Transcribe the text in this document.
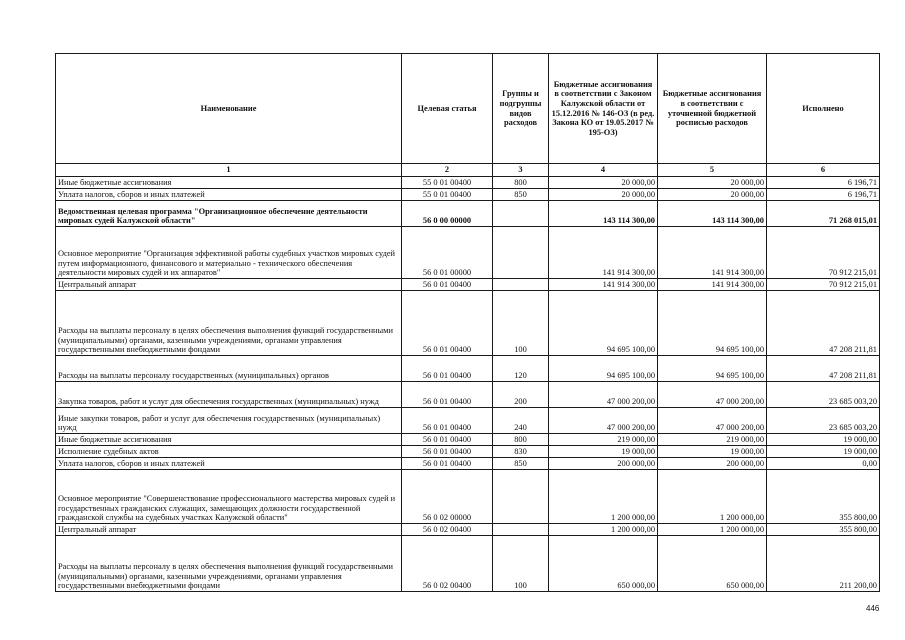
Наименование	Целевая статья	Группы и подгруппы видов расходов	Бюджетные ассигнования в соответствии с Законом Калужской области от 15.12.2016 № 146-ОЗ (в ред. Закона КО от 19.05.2017 № 195-ОЗ)	Бюджетные ассигнования в соответствии с уточненной бюджетной росписью расходов	Исполнено
1	2	3	4	5	6
Иные бюджетные ассигнования	55 0 01 00400	800	20 000,00	20 000,00	6 196,71
Уплата налогов, сборов и иных платежей	55 0 01 00400	850	20 000,00	20 000,00	6 196,71
Ведомственная целевая программа "Организационное обеспечение деятельности мировых судей Калужской области"	56 0 00 00000		143 114 300,00	143 114 300,00	71 268 015,01
Основное мероприятие "Организация эффективной работы судебных участков мировых судей путем информационного, финансового и материально - технического обеспечения деятельности мировых судей и их аппаратов"	56 0 01 00000		141 914 300,00	141 914 300,00	70 912 215,01
Центральный аппарат	56 0 01 00400		141 914 300,00	141 914 300,00	70 912 215,01
Расходы на выплаты персоналу в целях обеспечения выполнения функций государственными (муниципальными) органами, казенными учреждениями, органами управления государственными внебюджетными фондами	56 0 01 00400	100	94 695 100,00	94 695 100,00	47 208 211,81
Расходы на выплаты персоналу государственных (муниципальных) органов	56 0 01 00400	120	94 695 100,00	94 695 100,00	47 208 211,81
Закупка товаров, работ и услуг для обеспечения государственных (муниципальных) нужд	56 0 01 00400	200	47 000 200,00	47 000 200,00	23 685 003,20
Иные закупки товаров, работ и услуг для обеспечения государственных (муниципальных) нужд	56 0 01 00400	240	47 000 200,00	47 000 200,00	23 685 003,20
Иные бюджетные ассигнования	56 0 01 00400	800	219 000,00	219 000,00	19 000,00
Исполнение судебных актов	56 0 01 00400	830	19 000,00	19 000,00	19 000,00
Уплата налогов, сборов и иных платежей	56 0 01 00400	850	200 000,00	200 000,00	0,00
Основное мероприятие "Совершенствование профессионального мастерства мировых судей и государственных гражданских служащих, замещающих должности государственной гражданской службы на судебных участках Калужской области"	56 0 02 00000		1 200 000,00	1 200 000,00	355 800,00
Центральный аппарат	56 0 02 00400		1 200 000,00	1 200 000,00	355 800,00
Расходы на выплаты персоналу в целях обеспечения выполнения функций государственными (муниципальными) органами, казенными учреждениями, органами управления государственными внебюджетными фондами	56 0 02 00400	100	650 000,00	650 000,00	211 200,00
446
